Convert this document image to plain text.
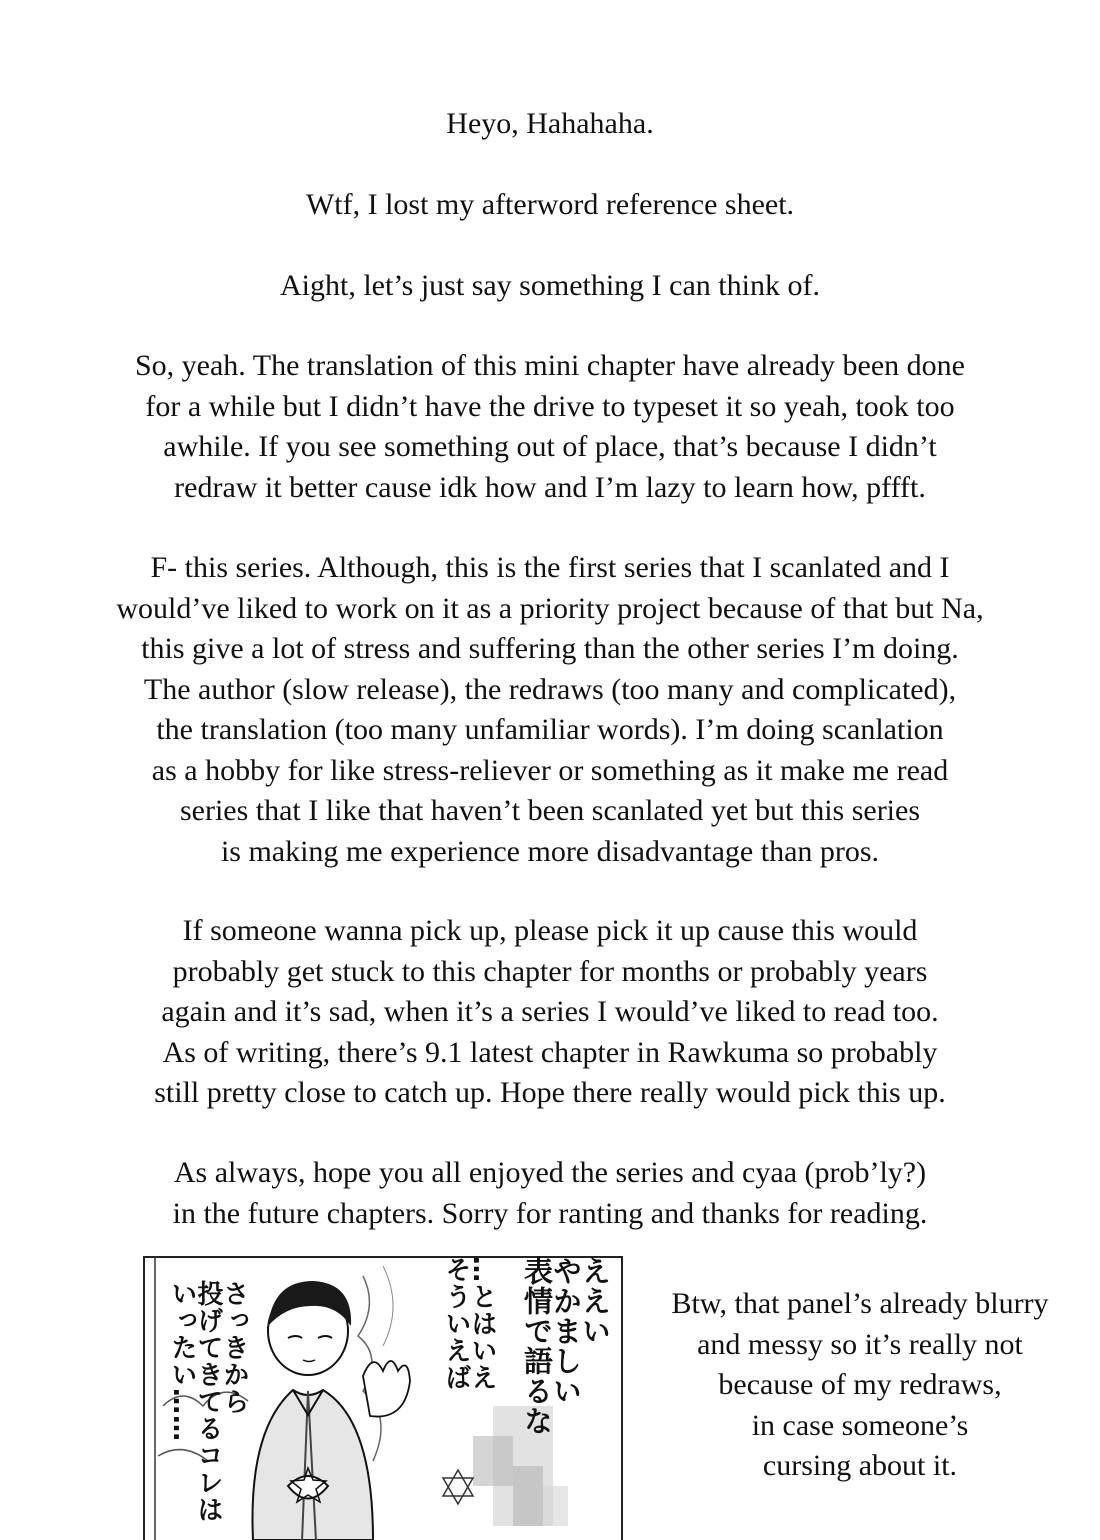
Heyo, Hahahaha.

Wtf, I lost my afterword reference sheet.

Aight, let’s just say something I can think of.

So, yeah. The translation of this mini chapter have already been done
for a while but I didn’t have the drive to typeset it so yeah, took too
awhile. If you see something out of place, that’s because I didn’t
redraw it better cause idk how and I’m lazy to learn how, pffft.

F- this series. Although, this is the first series that I scanlated and I
would’ve liked to work on it as a priority project because of that but Na,
this give a lot of stress and suffering than the other series I’m doing.
The author (slow release), the redraws (too many and complicated),
the translation (too many unfamiliar words). I’m doing scanlation
as a hobby for like stress-reliever or something as it make me read
series that I like that haven’t been scanlated yet but this series
is making me experience more disadvantage than pros.

If someone wanna pick up, please pick it up cause this would
probably get stuck to this chapter for months or probably years
again and it’s sad, when it’s a series I would’ve liked to read too.
As of writing, there’s 9.1 latest chapter in Rawkuma so probably
still pretty close to catch up. Hope there really would pick this up.

As always, hope you all enjoyed the series and cyaa (prob’ly?)
in the future chapters. Sorry for ranting and thanks for reading.

ええい
やかましい
表情で語るな
…とはいえ
そういえば
さっきから
投げてきてるコレは
いったい……	Btw, that panel’s already blurry
and messy so it’s really not
because of my redraws,
in case someone’s
cursing about it.
